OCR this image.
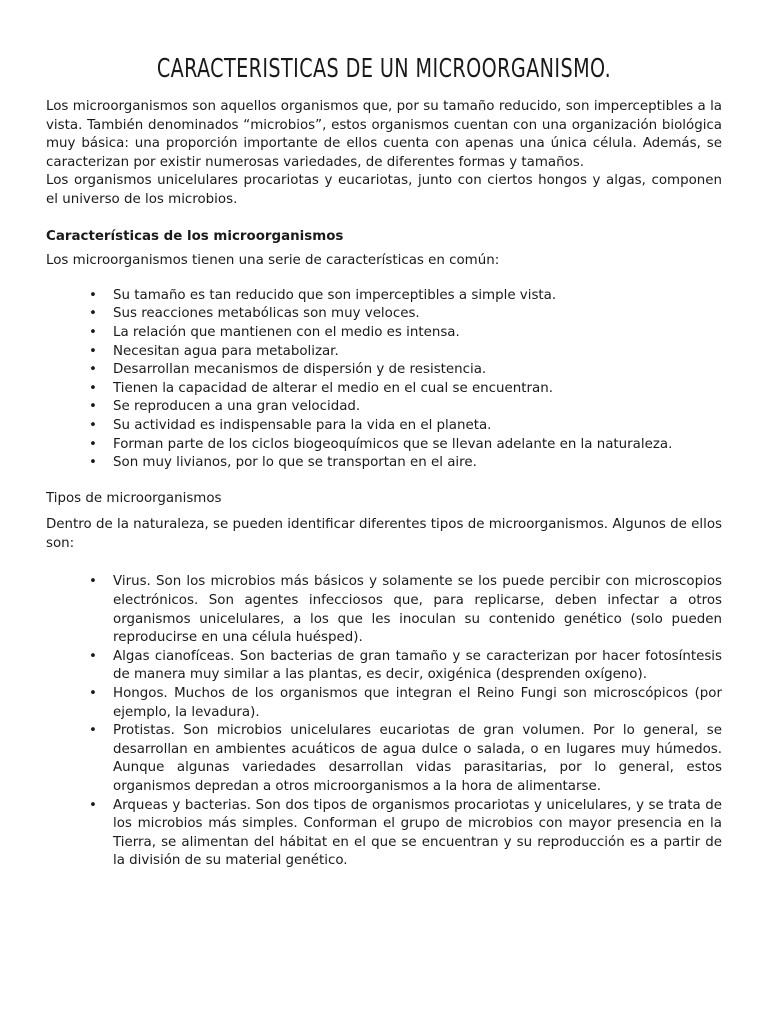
CARACTERISTICAS DE UN MICROORGANISMO.

Los microorganismos son aquellos organismos que, por su tamaño reducido, son imperceptibles a la vista. También denominados “microbios”, estos organismos cuentan con una organización biológica muy básica: una proporción importante de ellos cuenta con apenas una única célula. Además, se caracterizan por existir numerosas variedades, de diferentes formas y tamaños.

Los organismos unicelulares procariotas y eucariotas, junto con ciertos hongos y algas, componen el universo de los microbios.

Características de los microorganismos

Los microorganismos tienen una serie de características en común:

• Su tamaño es tan reducido que son imperceptibles a simple vista.
• Sus reacciones metabólicas son muy veloces.
• La relación que mantienen con el medio es intensa.
• Necesitan agua para metabolizar.
• Desarrollan mecanismos de dispersión y de resistencia.
• Tienen la capacidad de alterar el medio en el cual se encuentran.
• Se reproducen a una gran velocidad.
• Su actividad es indispensable para la vida en el planeta.
• Forman parte de los ciclos biogeoquímicos que se llevan adelante en la naturaleza.
• Son muy livianos, por lo que se transportan en el aire.
Tipos de microorganismos

Dentro de la naturaleza, se pueden identificar diferentes tipos de microorganismos. Algunos de ellos son:

• Virus. Son los microbios más básicos y solamente se los puede percibir con microscopios electrónicos. Son agentes infecciosos que, para replicarse, deben infectar a otros organismos unicelulares, a los que les inoculan su contenido genético (solo pueden reproducirse en una célula huésped).
• Algas cianofíceas. Son bacterias de gran tamaño y se caracterizan por hacer fotosíntesis de manera muy similar a las plantas, es decir, oxigénica (desprenden oxígeno).
• Hongos. Muchos de los organismos que integran el Reino Fungi son microscópicos (por ejemplo, la levadura).
• Protistas. Son microbios unicelulares eucariotas de gran volumen. Por lo general, se desarrollan en ambientes acuáticos de agua dulce o salada, o en lugares muy húmedos. Aunque algunas variedades desarrollan vidas parasitarias, por lo general, estos organismos depredan a otros microorganismos a la hora de alimentarse.
• Arqueas y bacterias. Son dos tipos de organismos procariotas y unicelulares, y se trata de los microbios más simples. Conforman el grupo de microbios con mayor presencia en la Tierra, se alimentan del hábitat en el que se encuentran y su reproducción es a partir de la división de su material genético.
